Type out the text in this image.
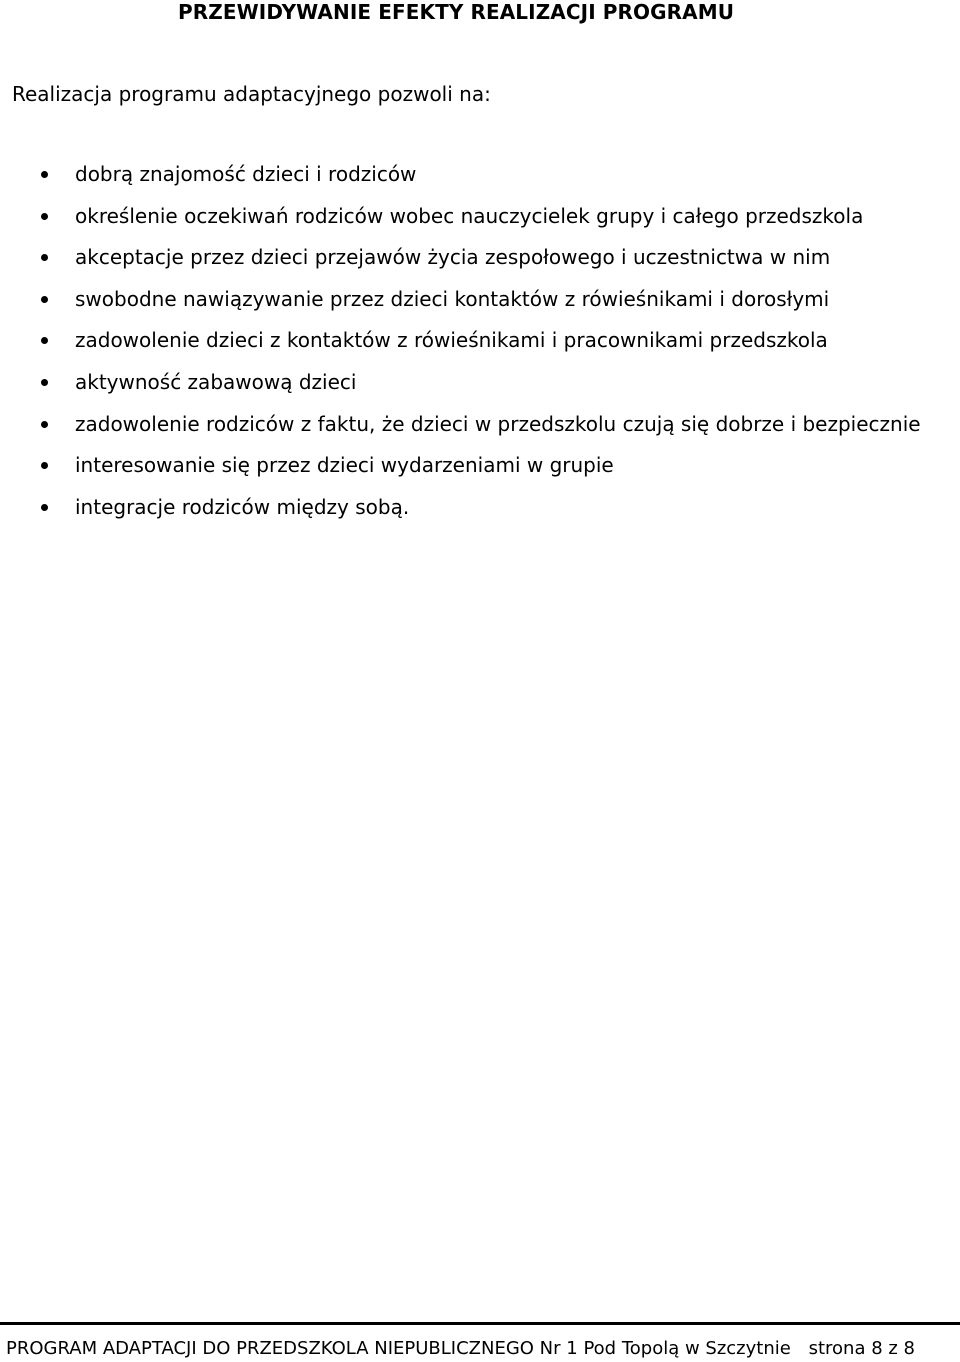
PRZEWIDYWANIE EFEKTY REALIZACJI PROGRAMU
Realizacja programu adaptacyjnego pozwoli na:
dobrą znajomość dzieci i rodziców
określenie oczekiwań rodziców wobec nauczycielek grupy i całego przedszkola
akceptacje przez dzieci przejawów życia zespołowego i uczestnictwa w nim
swobodne nawiązywanie przez dzieci kontaktów z rówieśnikami i dorosłymi
zadowolenie dzieci z kontaktów z rówieśnikami i pracownikami przedszkola
aktywność zabawową dzieci
zadowolenie rodziców z faktu, że dzieci w przedszkolu czują się dobrze i bezpiecznie
interesowanie się przez dzieci wydarzeniami w grupie
integracje rodziców między sobą.
PROGRAM ADAPTACJI DO PRZEDSZKOLA NIEPUBLICZNEGO Nr 1 Pod Topolą w Szczytnie strona 8 z 8
